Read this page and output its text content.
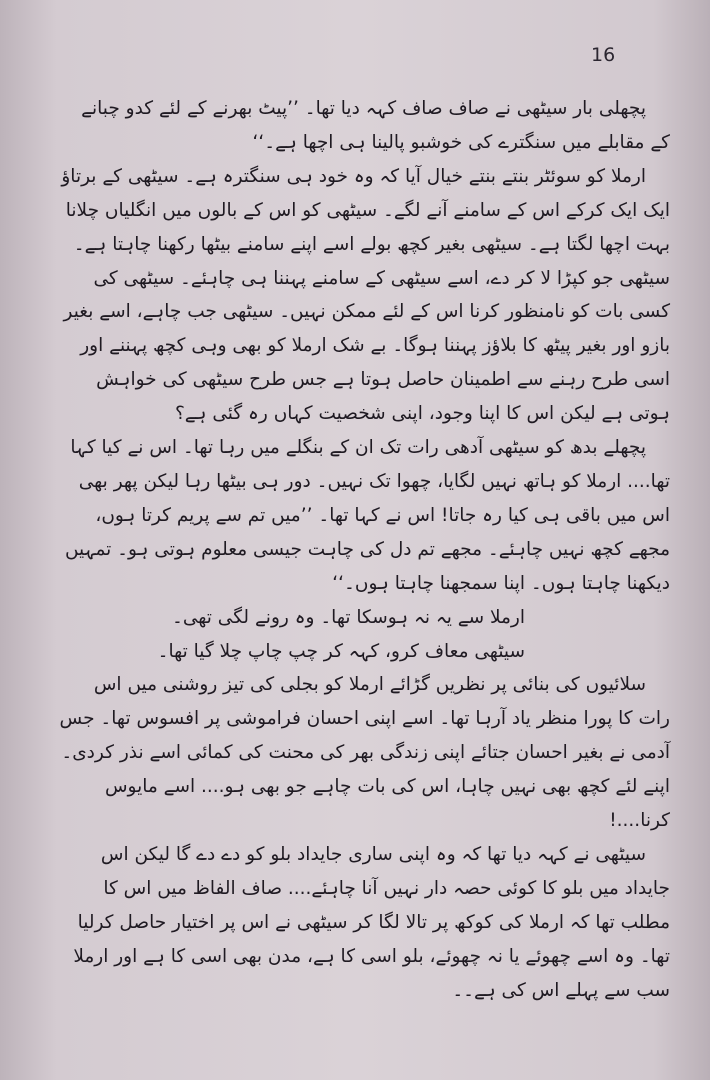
16

پچھلی بار سیٹھی نے صاف صاف کہہ دیا تھا۔ ’’پیٹ بھرنے کے لئے کدو چبانے کے مقابلے میں سنگترے کی خوشبو پالینا ہی اچھا ہے۔‘‘

ارملا کو سوئٹر بنتے بنتے خیال آیا کہ وہ خود ہی سنگترہ ہے۔ سیٹھی کے برتاؤ ایک ایک کرکے اس کے سامنے آنے لگے۔ سیٹھی کو اس کے بالوں میں انگلیاں چلانا بہت اچھا لگتا ہے۔ سیٹھی بغیر کچھ بولے اسے اپنے سامنے بیٹھا رکھنا چاہتا ہے۔ سیٹھی جو کپڑا لا کر دے، اسے سیٹھی کے سامنے پہننا ہی چاہئے۔ سیٹھی کی کسی بات کو نامنظور کرنا اس کے لئے ممکن نہیں۔ سیٹھی جب چاہے، اسے بغیر بازو اور بغیر پیٹھ کا بلاؤز پہننا ہوگا۔ بے شک ارملا کو بھی وہی کچھ پہننے اور اسی طرح رہنے سے اطمینان حاصل ہوتا ہے جس طرح سیٹھی کی خواہش ہوتی ہے لیکن اس کا اپنا وجود، اپنی شخصیت کہاں رہ گئی ہے؟

پچھلے بدھ کو سیٹھی آدھی رات تک ان کے بنگلے میں رہا تھا۔ اس نے کیا کہا تھا.... ارملا کو ہاتھ نہیں لگایا، چھوا تک نہیں۔ دور ہی بیٹھا رہا لیکن پھر بھی اس میں باقی ہی کیا رہ جاتا! اس نے کہا تھا۔ ’’میں تم سے پریم کرتا ہوں، مجھے کچھ نہیں چاہئے۔ مجھے تم دل کی چاہت جیسی معلوم ہوتی ہو۔ تمہیں دیکھنا چاہتا ہوں۔ اپنا سمجھنا چاہتا ہوں۔‘‘

ارملا سے یہ نہ ہوسکا تھا۔ وہ رونے لگی تھی۔

سیٹھی معاف کرو، کہہ کر چپ چاپ چلا گیا تھا۔

سلائیوں کی بنائی پر نظریں گڑائے ارملا کو بجلی کی تیز روشنی میں اس رات کا پورا منظر یاد آرہا تھا۔ اسے اپنی احسان فراموشی پر افسوس تھا۔ جس آدمی نے بغیر احسان جتائے اپنی زندگی بھر کی محنت کی کمائی اسے نذر کردی۔ اپنے لئے کچھ بھی نہیں چاہا، اس کی بات چاہے جو بھی ہو.... اسے مایوس کرنا....!

سیٹھی نے کہہ دیا تھا کہ وہ اپنی ساری جایداد بلو کو دے دے گا لیکن اس جایداد میں بلو کا کوئی حصہ دار نہیں آنا چاہئے.... صاف الفاظ میں اس کا مطلب تھا کہ ارملا کی کوکھ پر تالا لگا کر سیٹھی نے اس پر اختیار حاصل کرلیا تھا۔ وہ اسے چھوئے یا نہ چھوئے، بلو اسی کا ہے، مدن بھی اسی کا ہے اور ارملا سب سے پہلے اس کی ہے۔۔
